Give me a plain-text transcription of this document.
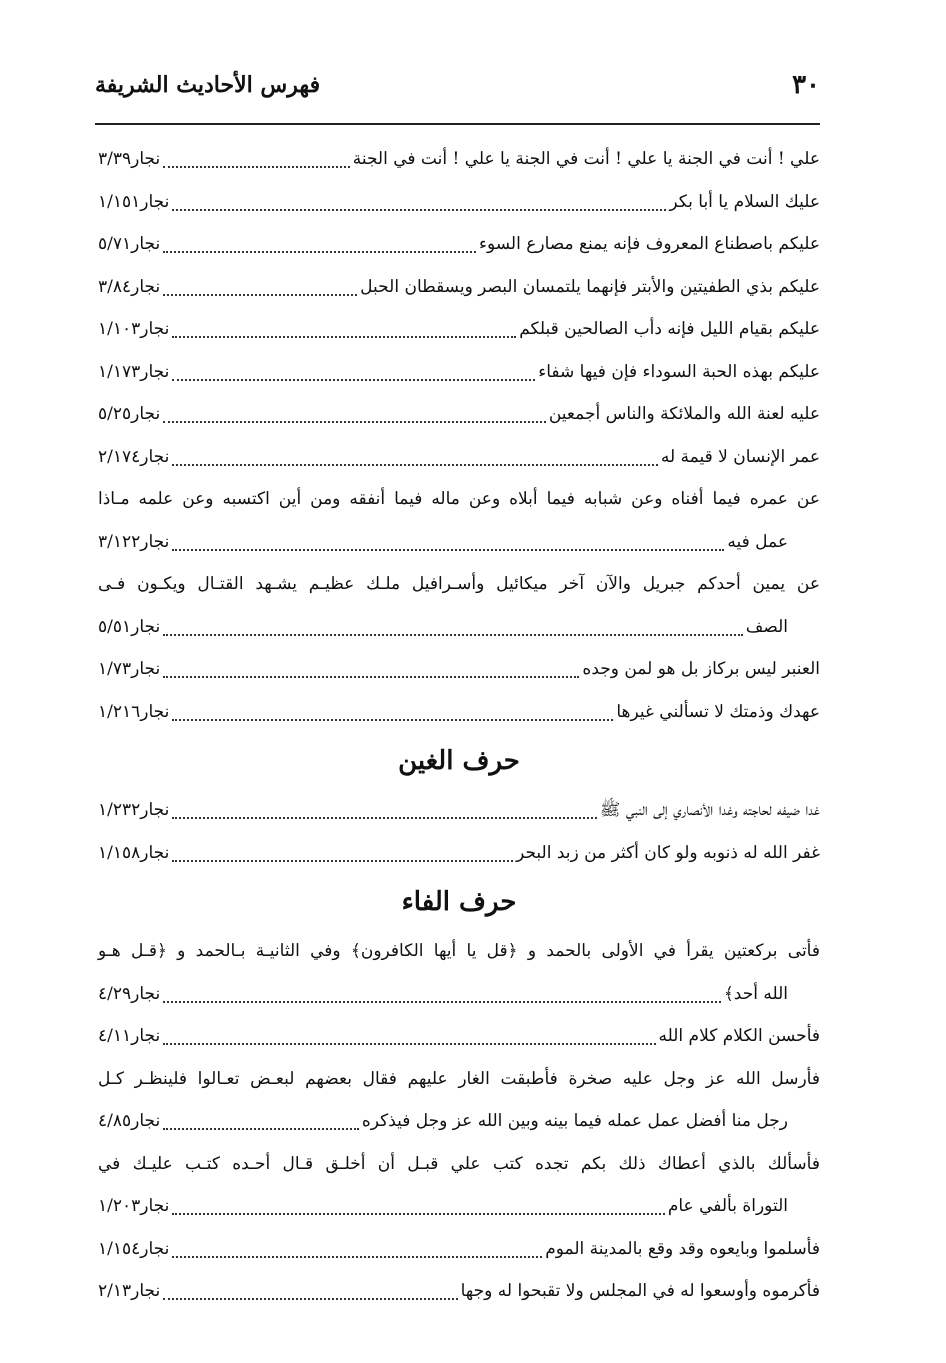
٣٠
فهرس الأحاديث الشريفة
علي ! أنت في الجنة يا علي ! أنت في الجنة يا علي ! أنت في الجنة
نجار٣/٣٩
عليك السلام يا أبا بكر
نجار١/١٥١
عليكم باصطناع المعروف فإنه يمنع مصارع السوء
نجار٥/٧١
عليكم بذي الطفيتين والأبتر فإنهما يلتمسان البصر ويسقطان الحبل
نجار٣/٨٤
عليكم بقيام الليل فإنه دأب الصالحين قبلكم
نجار١/١٠٣
عليكم بهذه الحبة السوداء فإن فيها شفاء
نجار١/١٧٣
عليه لعنة الله والملائكة والناس أجمعين
نجار٥/٢٥
عمر الإنسان لا قيمة له
نجار٢/١٧٤
عن عمره فيما أفناه وعن شبابه فيما أبلاه وعن ماله فيما أنفقه ومن أين اكتسبه وعن علمه مـاذا
عمل فيه
نجار٣/١٢٢
عن يمين أحدكم جبريل والآن آخر ميكائيل وأسـرافيل ملـك عظيـم يشـهد القتـال ويكـون فـى
الصف
نجار٥/٥١
العنبر ليس بركاز بل هو لمن وجده
نجار١/٧٣
عهدك وذمتك لا تسألني غيرها
نجار١/٢١٦
حرف الغين
غدا ضيفه لحاجته وغدا الأنصاري إلى النبي ﷺ
نجار١/٢٣٢
غفر الله له ذنوبه ولو كان أكثر من زبد البحر
نجار١/١٥٨
حرف الفاء
فأتى بركعتين يقرأ في الأولى بالحمد و ﴿قل يا أيها الكافرون﴾ وفي الثانيـة بـالحمد و ﴿قـل هـو
الله أحد﴾
نجار٤/٢٩
فأحسن الكلام كلام الله
نجار٤/١١
فأرسل الله عز وجل عليه صخرة فأطبقت الغار عليهم فقال بعضهم لبعـض تعـالوا فلينظـر كـل
رجل منا أفضل عمل عمله فيما بينه وبين الله عز وجل فيذكره
نجار٤/٨٥
فأسألك بالذي أعطاك ذلك بكم تجده كتب علي قبـل أن أخلـق قـال أحـده كتـب عليـك في
التوراة بألفي عام
نجار١/٢٠٣
فأسلموا وبايعوه وقد وقع بالمدينة الموم
نجار١/١٥٤
فأكرموه وأوسعوا له في المجلس ولا تقبحوا له وجها
نجار٢/١٣
